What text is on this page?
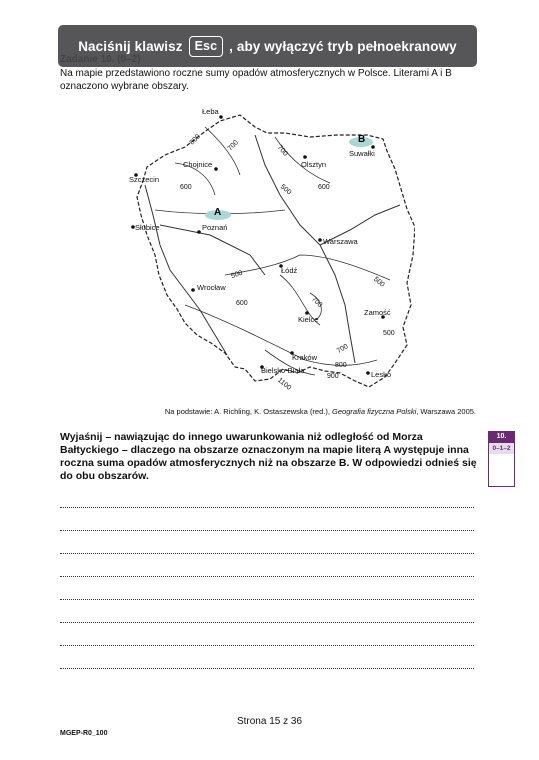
Na mapie przedstawiono roczne sumy opadów atmosferycznych w Polsce. Literami A i B oznaczono wybrane obszary.
A
B
Łeba
Chojnice	Olsztyn
Suwałki
Szczecin
Słubice	Poznań
Warszawa
Łódź
Wrocław
Kielce
Zamość
Kraków
Bielsko-Biała	Lesko
800	700
600
700
600
500
500
600	700
500
500
700
800
900
1100
Na podstawie: A. Richling, K. Ostaszewska (red.), Geografia fizyczna Polski, Warszawa 2005.
Wyjaśnij – nawiązując do innego uwarunkowania niż odległość od Morza Bałtyckiego – dlaczego na obszarze oznaczonym na mapie literą A występuje inna roczna suma opadów atmosferycznych niż na obszarze B. W odpowiedzi odnieś się do obu obszarów.
10.
0–1–2
Strona 15 z 36
MGEP-R0_100
Naciśnij klawisz Esc , aby wyłączyć tryb pełnoekranowy
